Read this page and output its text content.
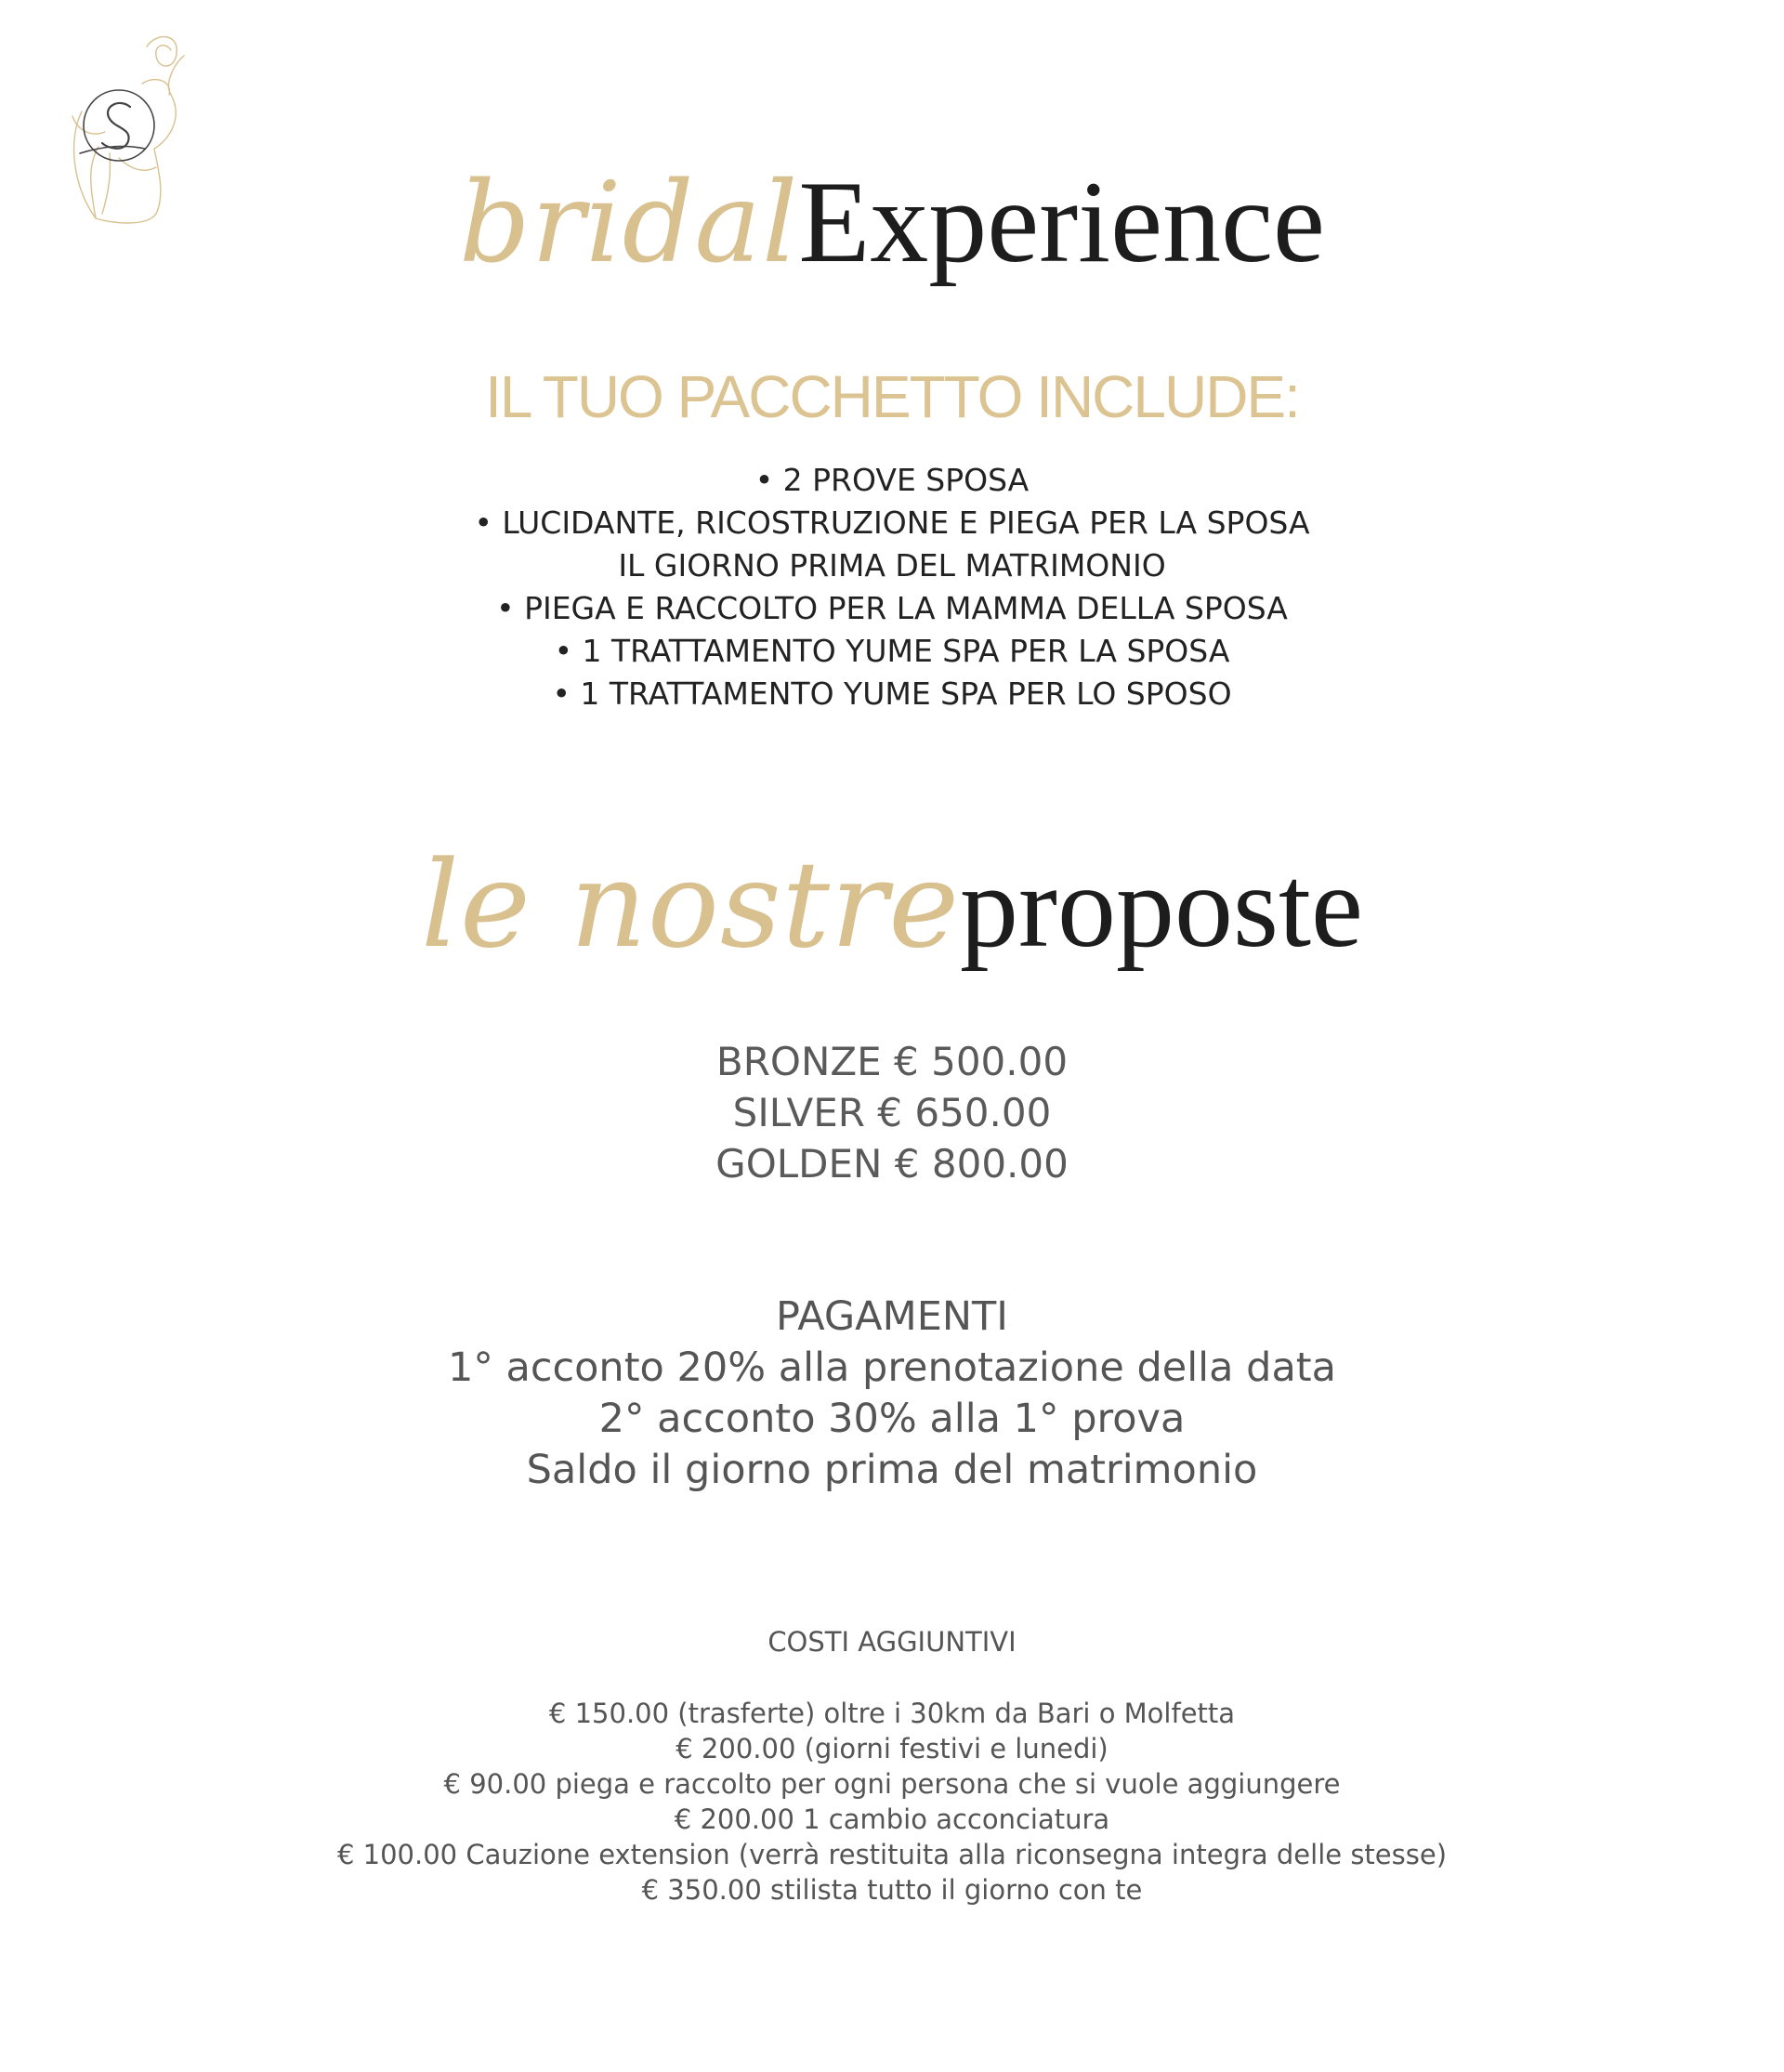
bridalExperience
IL TUO PACCHETTO INCLUDE:
• 2 PROVE SPOSA
• LUCIDANTE, RICOSTRUZIONE E PIEGA PER LA SPOSA
IL GIORNO PRIMA DEL MATRIMONIO
• PIEGA E RACCOLTO PER LA MAMMA DELLA SPOSA
• 1 TRATTAMENTO YUME SPA PER LA SPOSA
• 1 TRATTAMENTO YUME SPA PER LO SPOSO
le nostreproposte
BRONZE € 500.00
SILVER € 650.00
GOLDEN € 800.00
PAGAMENTI
1° acconto 20% alla prenotazione della data
2° acconto 30% alla 1° prova
Saldo il giorno prima del matrimonio
COSTI AGGIUNTIVI
€ 150.00 (trasferte) oltre i 30km da Bari o Molfetta
€ 200.00 (giorni festivi e lunedi)
€ 90.00 piega e raccolto per ogni persona che si vuole aggiungere
€ 200.00 1 cambio acconciatura
€ 100.00 Cauzione extension (verrà restituita alla riconsegna integra delle stesse)
€ 350.00 stilista tutto il giorno con te
